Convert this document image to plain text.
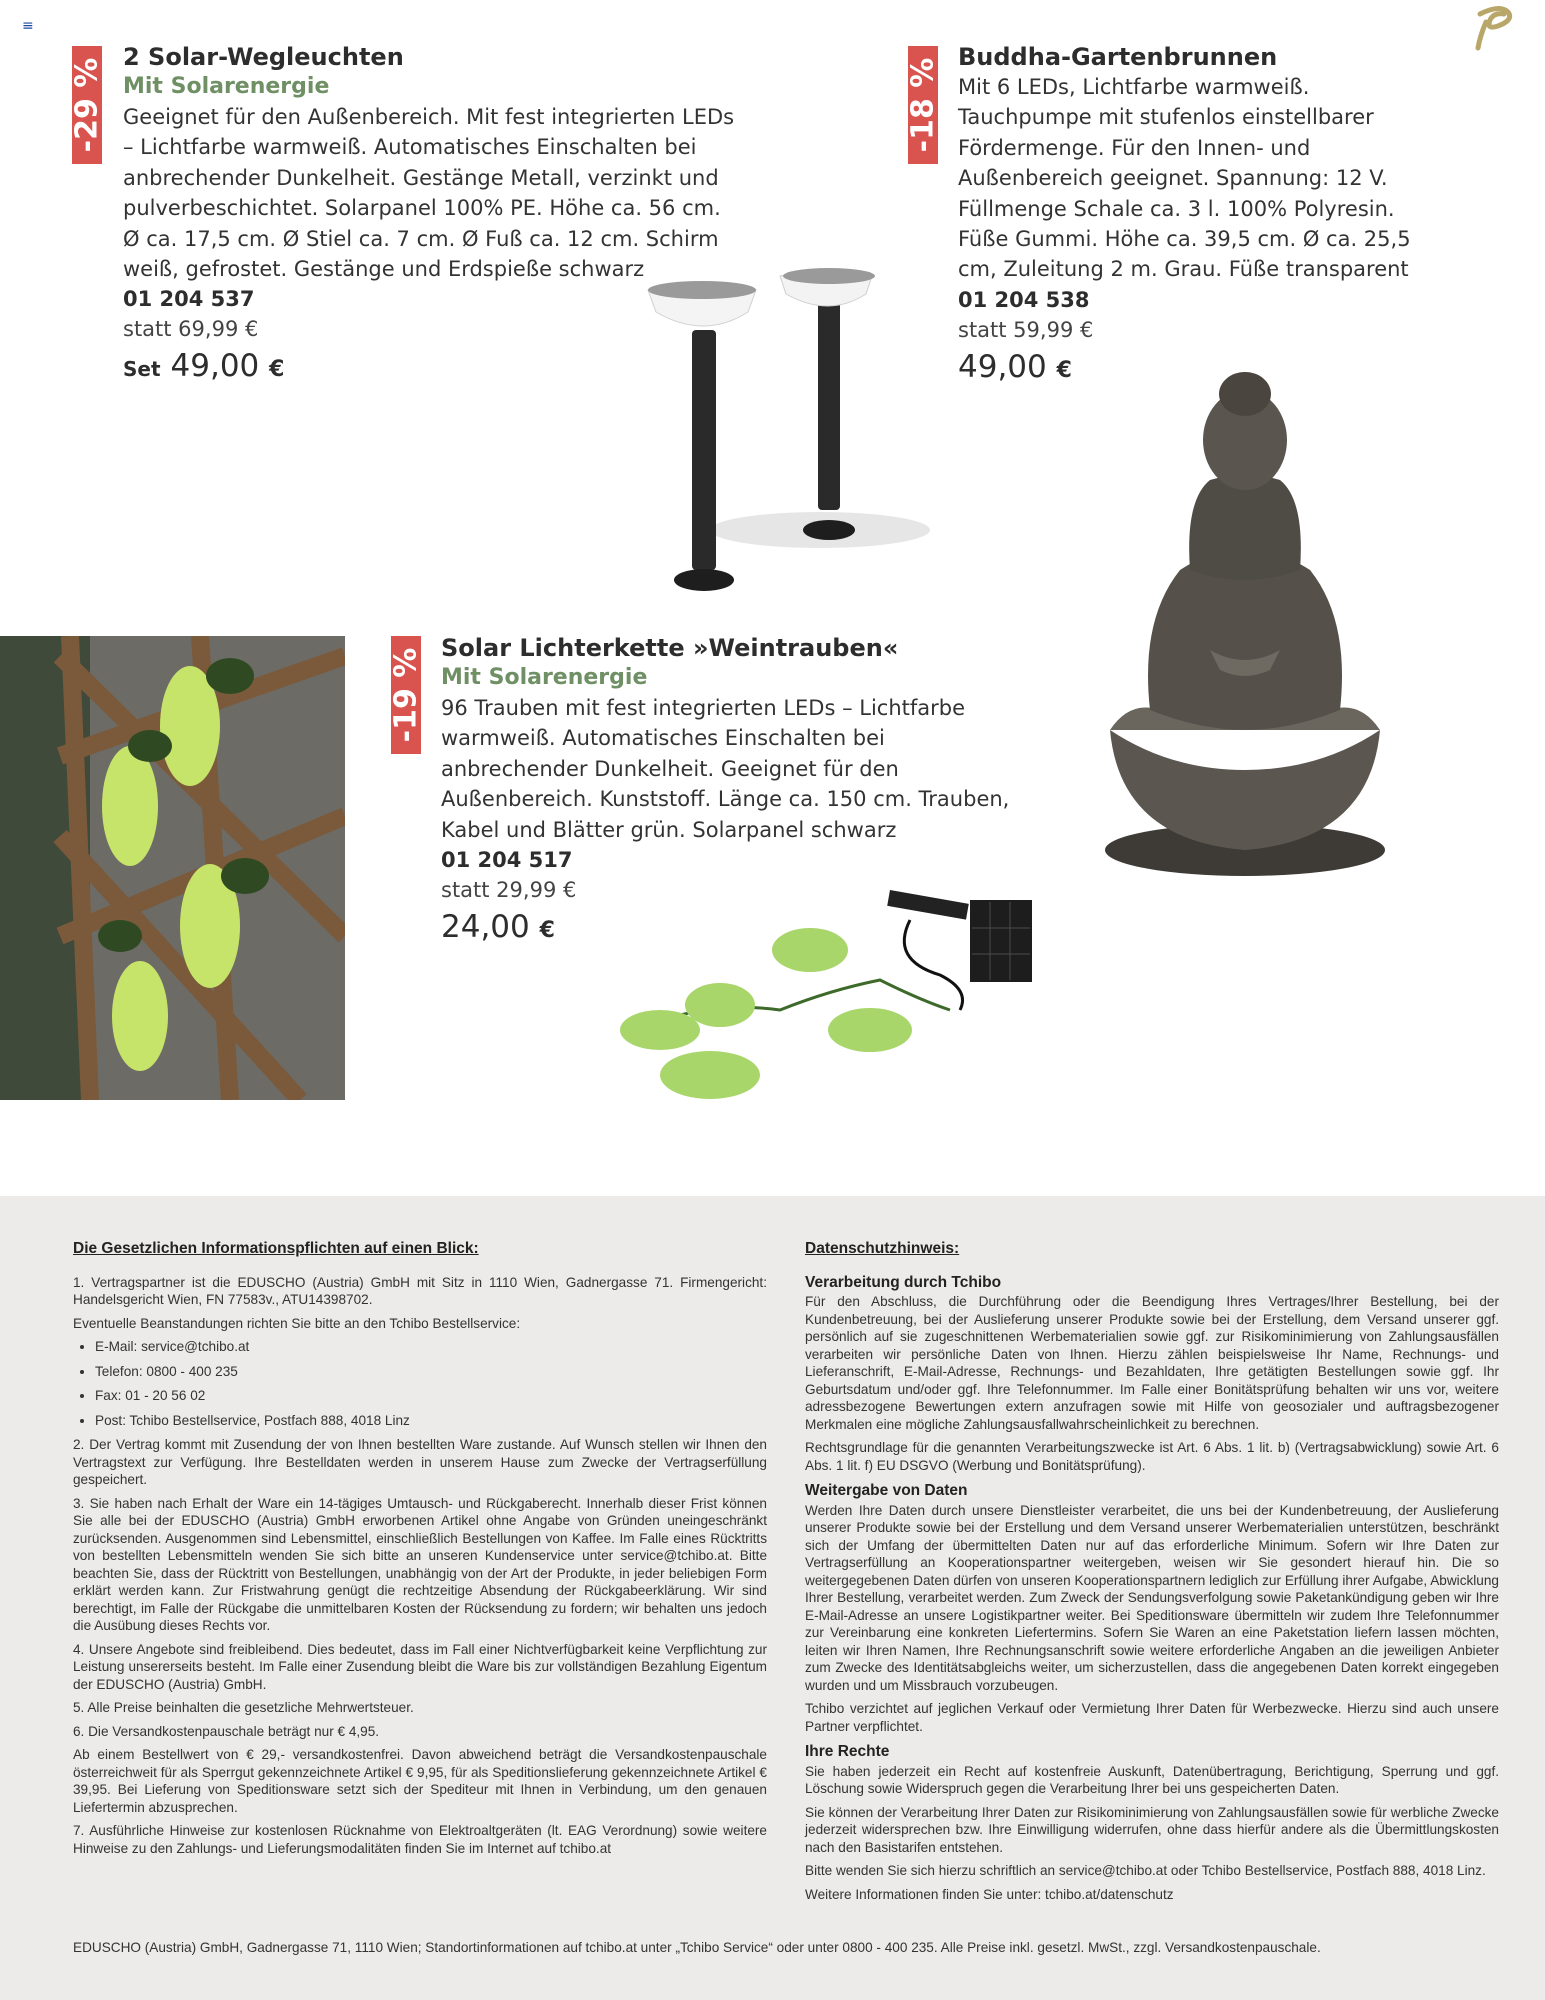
≡
-29 %
2 Solar-Wegleuchten
Mit Solarenergie
Geeignet für den Außenbereich. Mit fest integrierten LEDs – Lichtfarbe warmweiß. Automatisches Einschalten bei anbrechender Dunkelheit. Gestänge Metall, verzinkt und pulverbeschichtet. Solarpanel 100% PE. Höhe ca. 56 cm. Ø ca. 17,5 cm. Ø Stiel ca. 7 cm. Ø Fuß ca. 12 cm. Schirm weiß, gefrostet. Gestänge und Erdspieße schwarz
01 204 537
statt 69,99 €
Set 49,00 €
-18 %
Buddha-Gartenbrunnen
Mit 6 LEDs, Lichtfarbe warmweiß. Tauchpumpe mit stufenlos einstellbarer Fördermenge. Für den Innen- und Außenbereich geeignet. Spannung: 12 V. Füllmenge Schale ca. 3 l. 100% Polyresin. Füße Gummi. Höhe ca. 39,5 cm. Ø ca. 25,5 cm, Zuleitung 2 m. Grau. Füße transparent
01 204 538
statt 59,99 €
49,00 €
-19 % Solar Lichterkette »Weintrauben«
Mit Solarenergie
96 Trauben mit fest integrierten LEDs – Lichtfarbe warmweiß. Automatisches Einschalten bei anbrechender Dunkelheit. Geeignet für den Außenbereich. Kunststoff. Länge ca. 150 cm. Trauben, Kabel und Blätter grün. Solarpanel schwarz
01 204 517
statt 29,99 €
24,00 €
Die Gesetzlichen Informationspflichten auf einen Blick:

1. Vertragspartner ist die EDUSCHO (Austria) GmbH mit Sitz in 1110 Wien, Gadnergasse 71. Firmengericht: Handelsgericht Wien, FN 77583v., ATU14398702.

Eventuelle Beanstandungen richten Sie bitte an den Tchibo Bestellservice:

• E-Mail: service@tchibo.at
• Telefon: 0800 - 400 235
• Fax: 01 - 20 56 02
• Post: Tchibo Bestellservice, Postfach 888, 4018 Linz

2. Der Vertrag kommt mit Zusendung der von Ihnen bestellten Ware zustande. Auf Wunsch stellen wir Ihnen den Vertragstext zur Verfügung. Ihre Bestelldaten werden in unserem Hause zum Zwecke der Vertragserfüllung gespeichert.

3. Sie haben nach Erhalt der Ware ein 14-tägiges Umtausch- und Rückgaberecht. Innerhalb dieser Frist können Sie alle bei der EDUSCHO (Austria) GmbH erworbenen Artikel ohne Angabe von Gründen uneingeschränkt zurücksenden. Ausgenommen sind Lebensmittel, einschließlich Bestellungen von Kaffee. Im Falle eines Rücktritts von bestellten Lebensmitteln wenden Sie sich bitte an unseren Kundenservice unter service@tchibo.at. Bitte beachten Sie, dass der Rücktritt von Bestellungen, unabhängig von der Art der Produkte, in jeder beliebigen Form erklärt werden kann. Zur Fristwahrung genügt die rechtzeitige Absendung der Rückgabeerklärung. Wir sind berechtigt, im Falle der Rückgabe die unmittelbaren Kosten der Rücksendung zu fordern; wir behalten uns jedoch die Ausübung dieses Rechts vor.

4. Unsere Angebote sind freibleibend. Dies bedeutet, dass im Fall einer Nichtverfügbarkeit keine Verpflichtung zur Leistung unsererseits besteht. Im Falle einer Zusendung bleibt die Ware bis zur vollständigen Bezahlung Eigentum der EDUSCHO (Austria) GmbH.

5. Alle Preise beinhalten die gesetzliche Mehrwertsteuer.

6. Die Versandkostenpauschale beträgt nur € 4,95.

Ab einem Bestellwert von € 29,- versandkostenfrei. Davon abweichend beträgt die Versandkostenpauschale österreichweit für als Sperrgut gekennzeichnete Artikel € 9,95, für als Speditionslieferung gekennzeichnete Artikel € 39,95. Bei Lieferung von Speditionsware setzt sich der Spediteur mit Ihnen in Verbindung, um den genauen Liefertermin abzusprechen.

7. Ausführliche Hinweise zur kostenlosen Rücknahme von Elektroaltgeräten (lt. EAG Verordnung) sowie weitere Hinweise zu den Zahlungs- und Lieferungsmodalitäten finden Sie im Internet auf tchibo.at

Datenschutzhinweis:
Verarbeitung durch Tchibo

Für den Abschluss, die Durchführung oder die Beendigung Ihres Vertrages/Ihrer Bestellung, bei der Kundenbetreuung, bei der Auslieferung unserer Produkte sowie bei der Erstellung, dem Versand unserer ggf. persönlich auf sie zugeschnittenen Werbematerialien sowie ggf. zur Risikominimierung von Zahlungsausfällen verarbeiten wir persönliche Daten von Ihnen. Hierzu zählen beispielsweise Ihr Name, Rechnungs- und Lieferanschrift, E-Mail-Adresse, Rechnungs- und Bezahldaten, Ihre getätigten Bestellungen sowie ggf. Ihr Geburtsdatum und/oder ggf. Ihre Telefonnummer. Im Falle einer Bonitätsprüfung behalten wir uns vor, weitere adressbezogene Bewertungen extern anzufragen sowie mit Hilfe von geosozialer und auftragsbezogener Merkmalen eine mögliche Zahlungsausfallwahrscheinlichkeit zu berechnen.

Rechtsgrundlage für die genannten Verarbeitungszwecke ist Art. 6 Abs. 1 lit. b) (Vertragsabwicklung) sowie Art. 6 Abs. 1 lit. f) EU DSGVO (Werbung und Bonitätsprüfung).

Weitergabe von Daten

Werden Ihre Daten durch unsere Dienstleister verarbeitet, die uns bei der Kundenbetreuung, der Auslieferung unserer Produkte sowie bei der Erstellung und dem Versand unserer Werbematerialien unterstützen, beschränkt sich der Umfang der übermittelten Daten nur auf das erforderliche Minimum. Sofern wir Ihre Daten zur Vertragserfüllung an Kooperationspartner weitergeben, weisen wir Sie gesondert hierauf hin. Die so weitergegebenen Daten dürfen von unseren Kooperationspartnern lediglich zur Erfüllung ihrer Aufgabe, Abwicklung Ihrer Bestellung, verarbeitet werden. Zum Zweck der Sendungsverfolgung sowie Paketankündigung geben wir Ihre E-Mail-Adresse an unsere Logistikpartner weiter. Bei Speditionsware übermitteln wir zudem Ihre Telefonnummer zur Vereinbarung eine konkreten Liefertermins. Sofern Sie Waren an eine Paketstation liefern lassen möchten, leiten wir Ihren Namen, Ihre Rechnungsanschrift sowie weitere erforderliche Angaben an die jeweiligen Anbieter zum Zwecke des Identitätsabgleichs weiter, um sicherzustellen, dass die angegebenen Daten korrekt eingegeben wurden und um Missbrauch vorzubeugen.

Tchibo verzichtet auf jeglichen Verkauf oder Vermietung Ihrer Daten für Werbezwecke. Hierzu sind auch unsere Partner verpflichtet.

Ihre Rechte

Sie haben jederzeit ein Recht auf kostenfreie Auskunft, Datenübertragung, Berichtigung, Sperrung und ggf. Löschung sowie Widerspruch gegen die Verarbeitung Ihrer bei uns gespeicherten Daten.

Sie können der Verarbeitung Ihrer Daten zur Risikominimierung von Zahlungsausfällen sowie für werbliche Zwecke jederzeit widersprechen bzw. Ihre Einwilligung widerrufen, ohne dass hierfür andere als die Übermittlungskosten nach den Basistarifen entstehen.

Bitte wenden Sie sich hierzu schriftlich an service@tchibo.at oder Tchibo Bestellservice, Postfach 888, 4018 Linz.

Weitere Informationen finden Sie unter: tchibo.at/datenschutz

EDUSCHO (Austria) GmbH, Gadnergasse 71, 1110 Wien; Standortinformationen auf tchibo.at unter „Tchibo Service“ oder unter 0800 - 400 235. Alle Preise inkl. gesetzl. MwSt., zzgl. Versandkostenpauschale.
